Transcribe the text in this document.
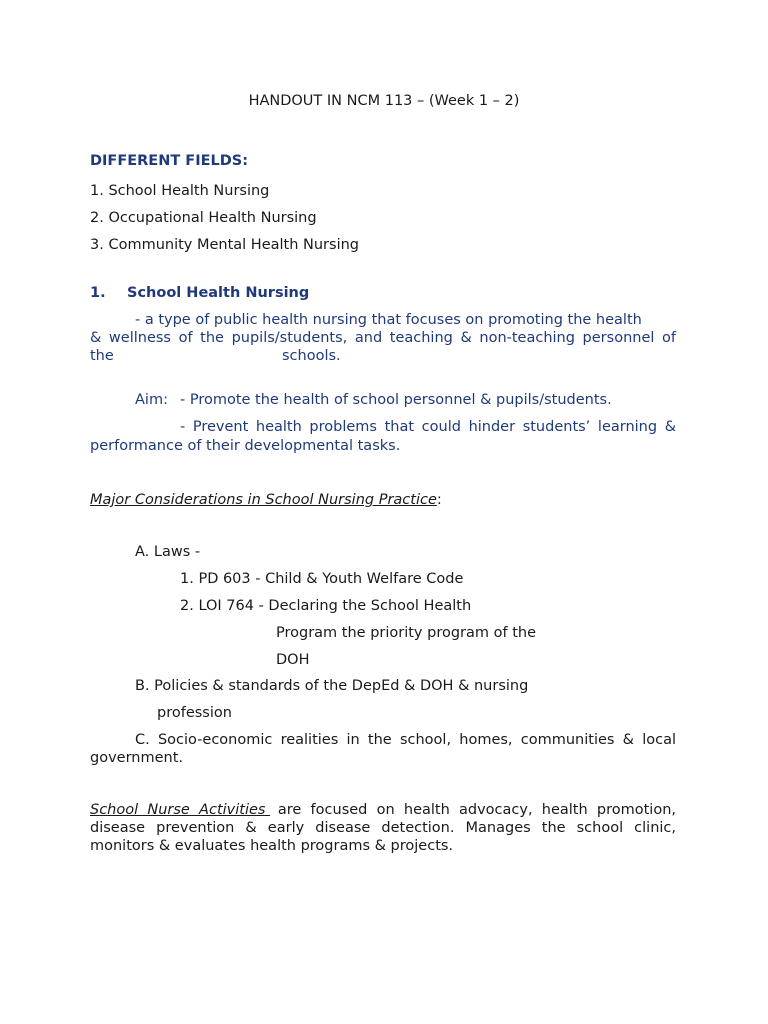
HANDOUT IN NCM 113 – (Week 1 – 2)
DIFFERENT FIELDS:
1. School Health Nursing
2. Occupational Health Nursing
3. Community Mental Health Nursing
1. School Health Nursing
- a type of public health nursing that focuses on promoting the health
& wellness of the pupils/students, and teaching & non-teaching personnel of
the	schools.
Aim: - Promote the health of school personnel & pupils/students.
- Prevent health problems that could hinder students’ learning &
performance of their developmental tasks.
Major Considerations in School Nursing Practice:
A. Laws -
1. PD 603 - Child & Youth Welfare Code
2. LOI 764 - Declaring the School Health
Program the priority program of the
DOH
B. Policies & standards of the DepEd & DOH & nursing
profession
C. Socio-economic realities in the school, homes, communities & local
government.
School  Nurse  Activities are  focused  on  health  advocacy,  health  promotion,
disease prevention & early disease detection. Manages the school clinic,
monitors & evaluates health programs & projects.
